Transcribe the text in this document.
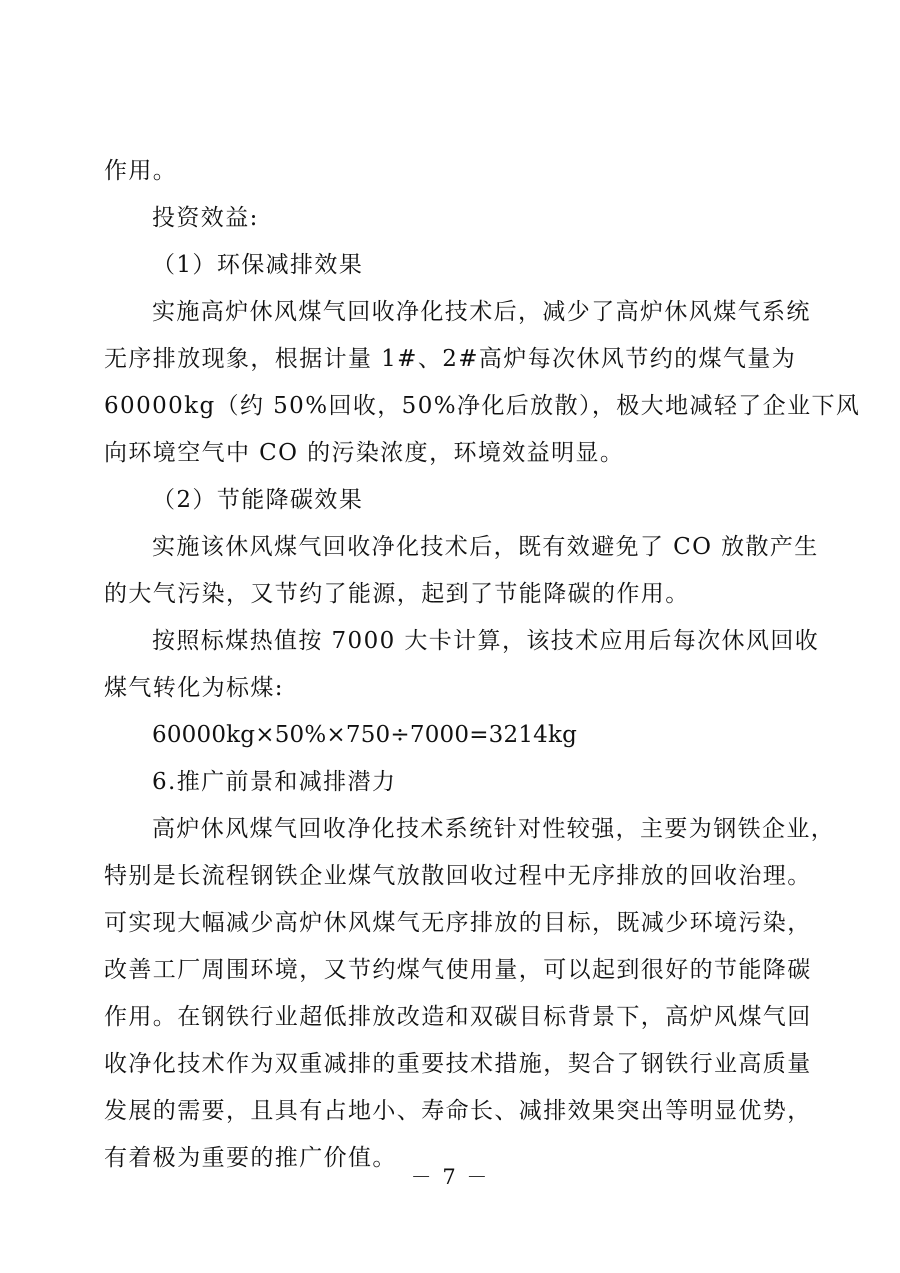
作用。
投资效益:
（1）环保减排效果
实施高炉休风煤气回收净化技术后，减少了高炉休风煤气系统
无序排放现象，根据计量 1#、2#高炉每次休风节约的煤气量为
60000kg（约 50%回收，50%净化后放散），极大地减轻了企业下风
向环境空气中 CO 的污染浓度，环境效益明显。
（2）节能降碳效果
实施该休风煤气回收净化技术后，既有效避免了 CO 放散产生
的大气污染，又节约了能源，起到了节能降碳的作用。
按照标煤热值按 7000 大卡计算，该技术应用后每次休风回收
煤气转化为标煤:
60000kg×50%×750÷7000=3214kg
6.推广前景和减排潜力
高炉休风煤气回收净化技术系统针对性较强，主要为钢铁企业，
特别是长流程钢铁企业煤气放散回收过程中无序排放的回收治理。
可实现大幅减少高炉休风煤气无序排放的目标，既减少环境污染，
改善工厂周围环境，又节约煤气使用量，可以起到很好的节能降碳
作用。在钢铁行业超低排放改造和双碳目标背景下，高炉风煤气回
收净化技术作为双重减排的重要技术措施，契合了钢铁行业高质量
发展的需要，且具有占地小、寿命长、减排效果突出等明显优势，
有着极为重要的推广价值。
－ 7 －
